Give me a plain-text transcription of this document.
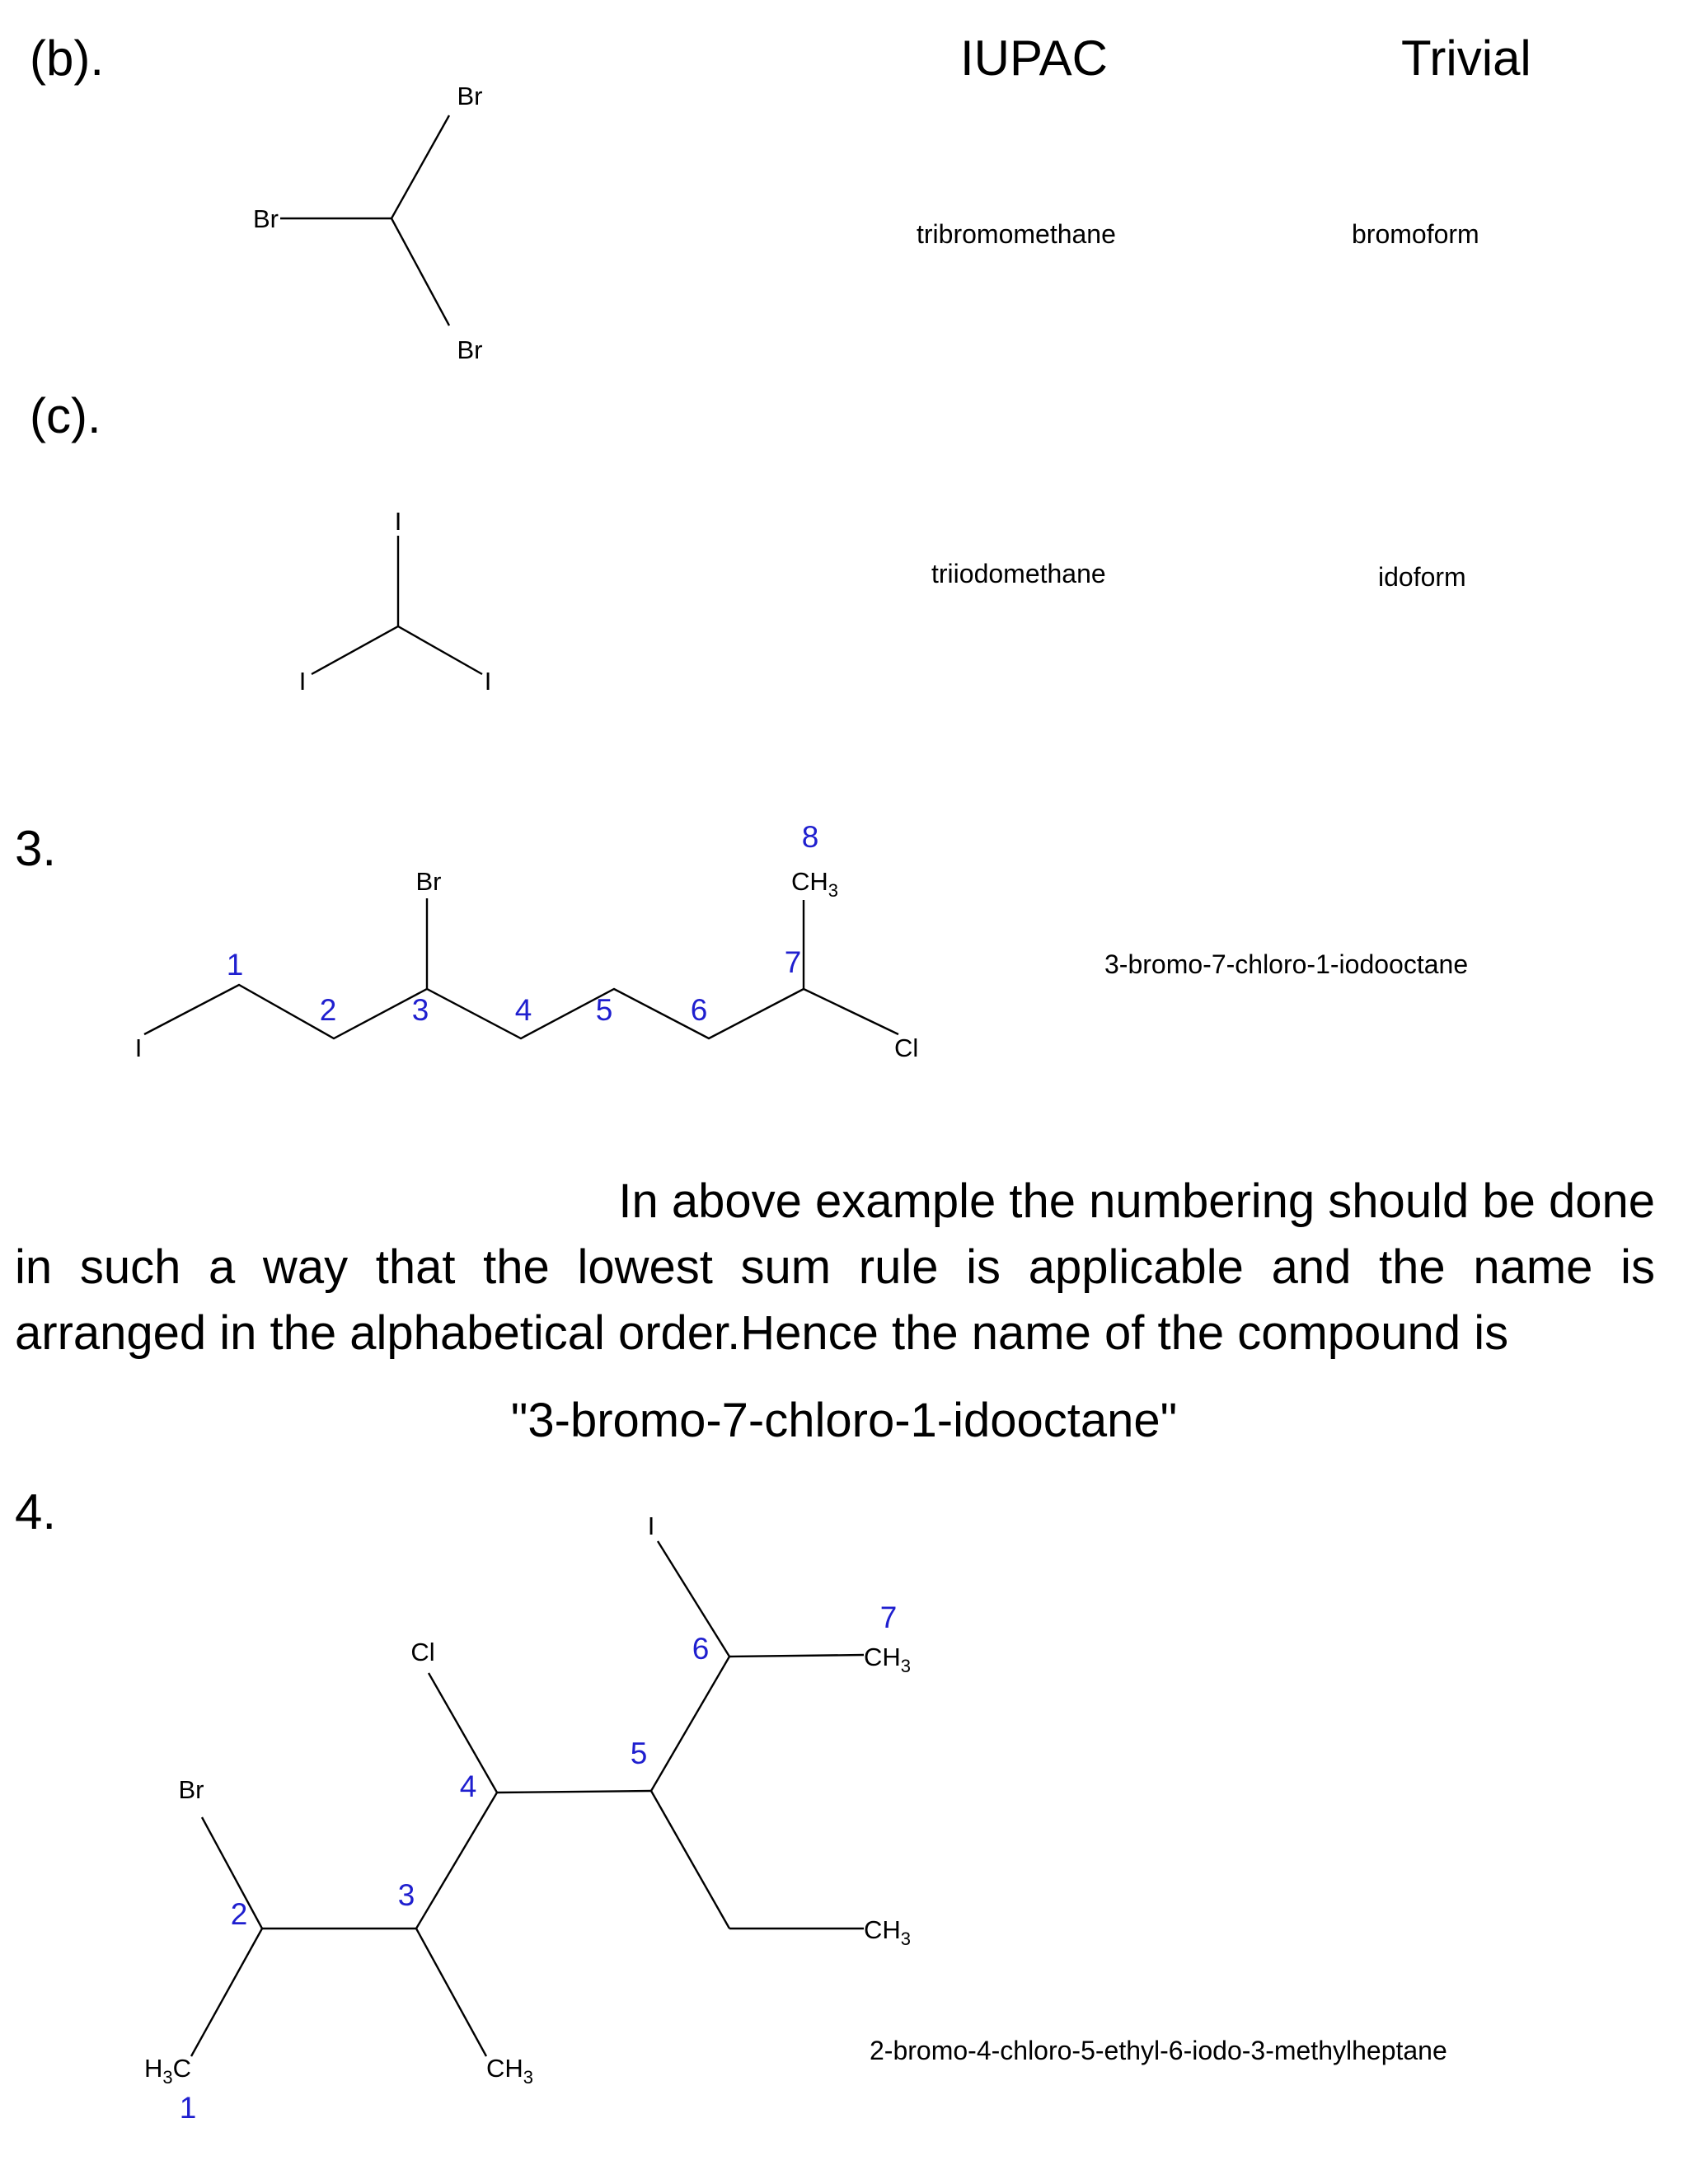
(b).
(c).
3.
4.
IUPAC	Trivial
tribromomethane	bromoform
triiodomethane	idoform
3-bromo-7-chloro-1-iodooctane
2-bromo-4-chloro-5-ethyl-6-iodo-3-methylheptane
In above example the numbering should be done
in such a way that the lowest sum rule is applicable and the name is
arranged in the alphabetical order.Hence the name of the compound is
"3-bromo-7-chloro-1-idooctane"
Br
Br
Br
I
I	I
I
Br
Cl
$CH_3$
1
2 3	4 5	6
7
8
Br
Cl
I
$CH_3$
$CH_3$
$CH_3$
$H_3C$
1
2
3
4
5
6
7
